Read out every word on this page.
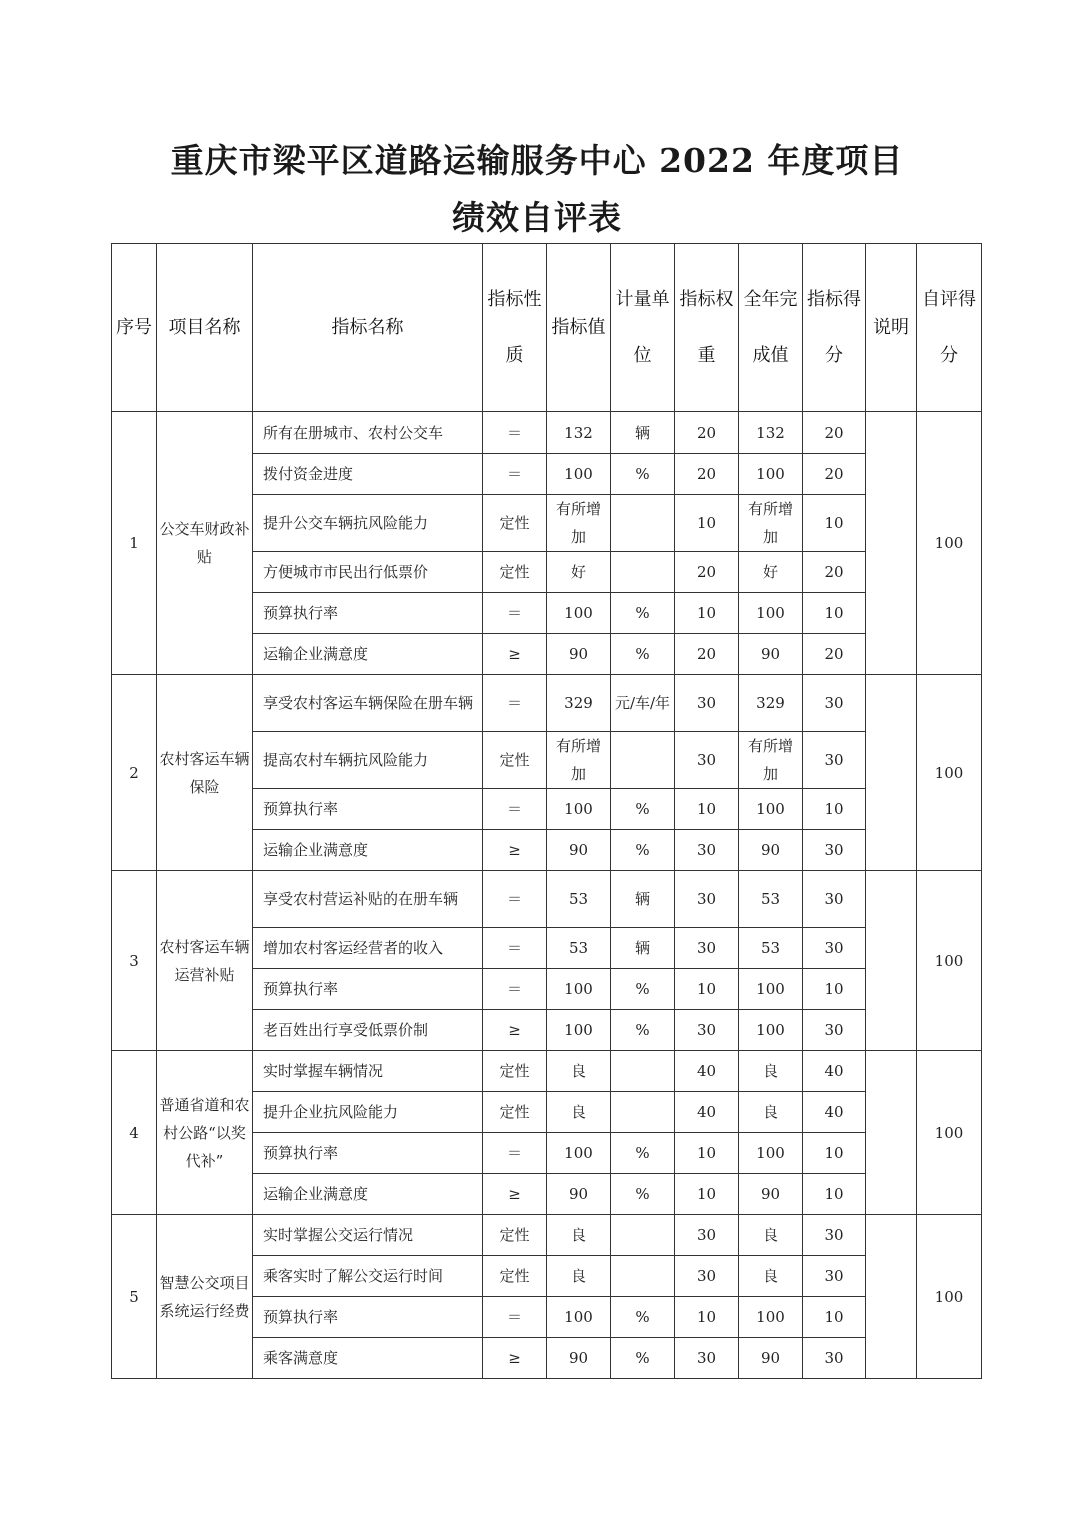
重庆市梁平区道路运输服务中心 2022 年度项目
绩效自评表
序号	项目名称	指标名称	指标性质	指标值	计量单位	指标权重	全年完成值	指标得分	说明	自评得分
1	公交车财政补贴	所有在册城市、农村公交车	＝	132	辆	20	132	20		100
		拨付资金进度	＝	100	%	20	100	20		
		提升公交车辆抗风险能力	定性	有所增加		10	有所增加	10		
		方便城市市民出行低票价	定性	好		20	好	20		
		预算执行率	＝	100	%	10	100	10		
		运输企业满意度	≥	90	%	20	90	20		
2	农村客运车辆保险	享受农村客运车辆保险在册车辆	＝	329	元/车/年	30	329	30		100
		提高农村车辆抗风险能力	定性	有所增加		30	有所增加	30		
		预算执行率	＝	100	%	10	100	10		
		运输企业满意度	≥	90	%	30	90	30		
3	农村客运车辆运营补贴	享受农村营运补贴的在册车辆	＝	53	辆	30	53	30		100
		增加农村客运经营者的收入	＝	53	辆	30	53	30		
		预算执行率	＝	100	%	10	100	10		
		老百姓出行享受低票价制	≥	100	%	30	100	30		
4	普通省道和农村公路“以奖代补”	实时掌握车辆情况	定性	良		40	良	40		100
		提升企业抗风险能力	定性	良		40	良	40		
		预算执行率	＝	100	%	10	100	10		
		运输企业满意度	≥	90	%	10	90	10		
5	智慧公交项目系统运行经费	实时掌握公交运行情况	定性	良		30	良	30		100
		乘客实时了解公交运行时间	定性	良		30	良	30		
		预算执行率	＝	100	%	10	100	10		
		乘客满意度	≥	90	%	30	90	30		
